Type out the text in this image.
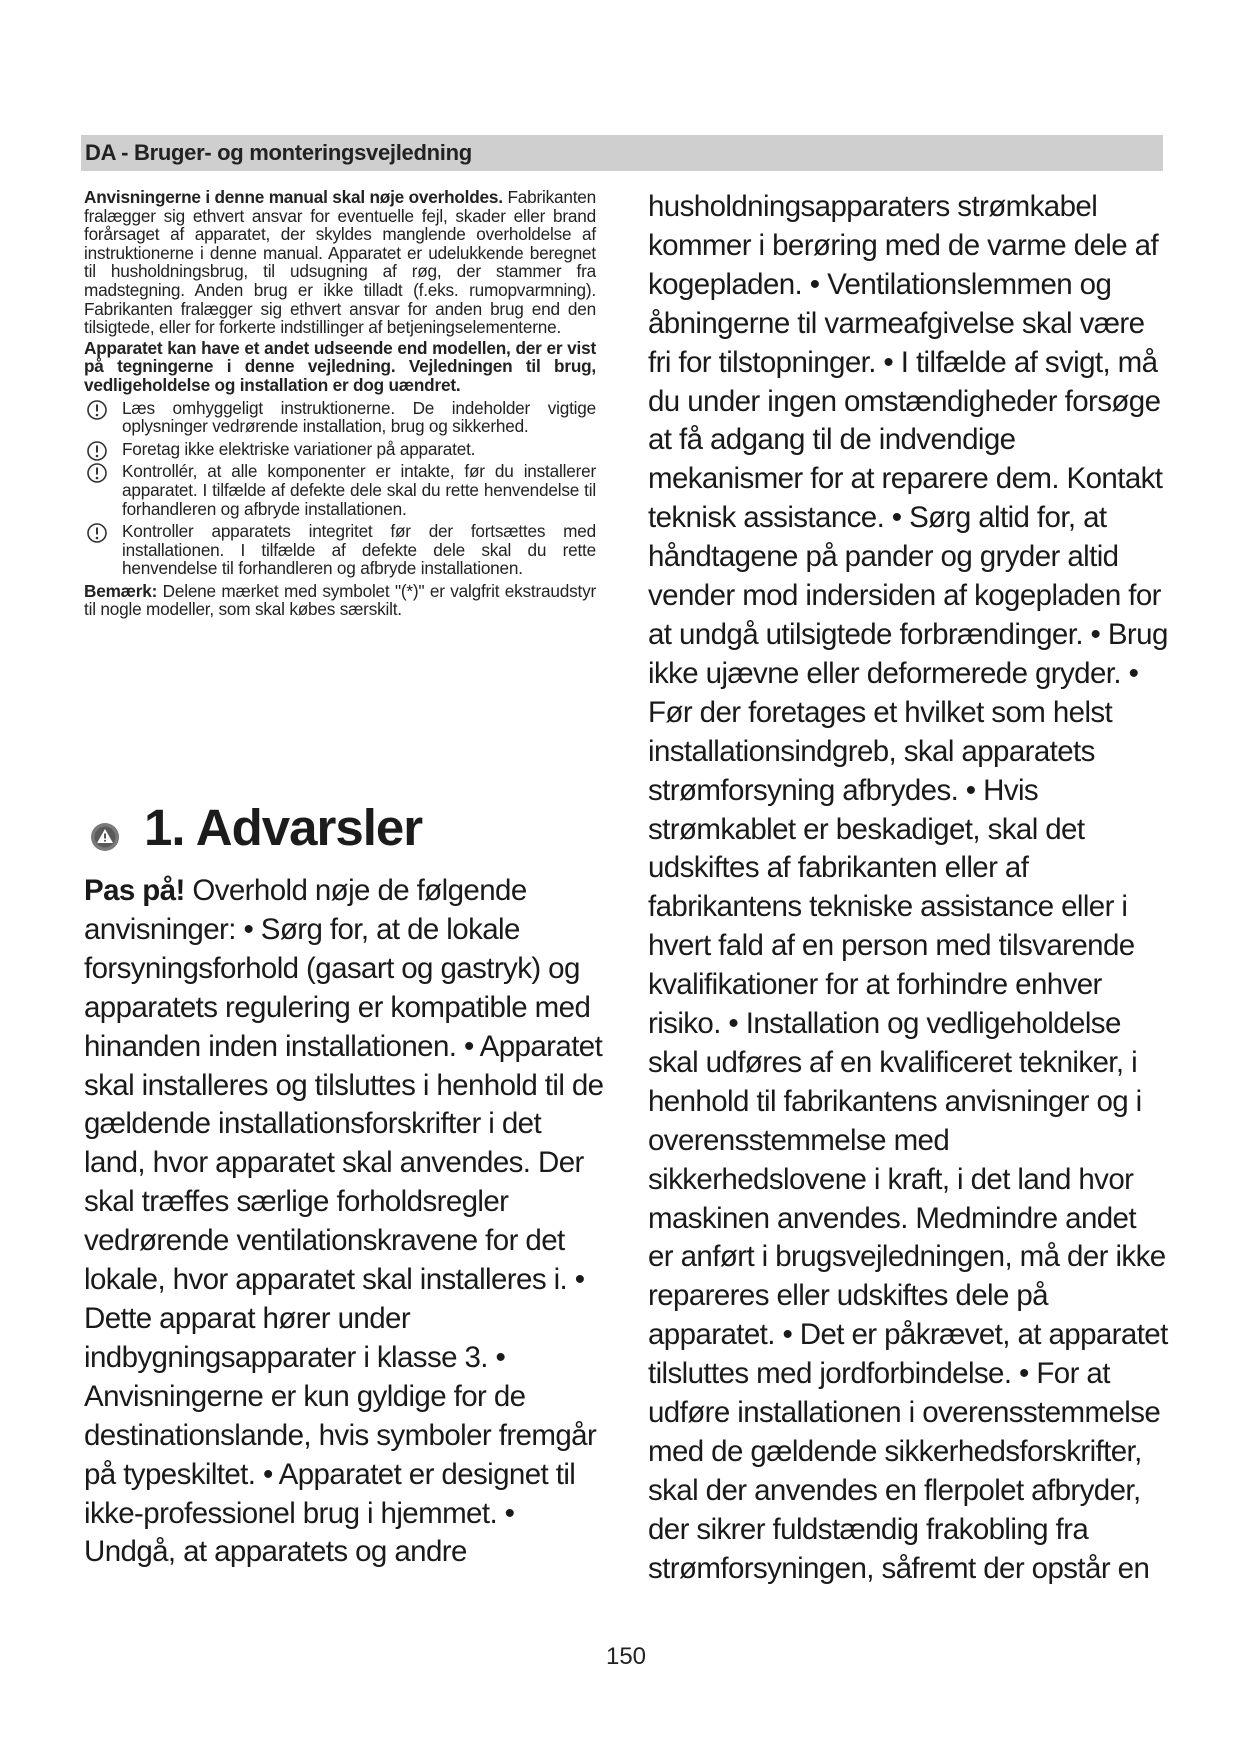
DA - Bruger- og monteringsvejledning

Anvisningerne i denne manual skal nøje overholdes. Fabrikanten fralægger sig ethvert ansvar for eventuelle fejl, skader eller brand forårsaget af apparatet, der skyldes manglende overholdelse af instruktionerne i denne manual. Apparatet er udelukkende beregnet til husholdningsbrug, til udsugning af røg, der stammer fra madstegning. Anden brug er ikke tilladt (f.eks. rumopvarmning). Fabrikanten fralægger sig ethvert ansvar for anden brug end den tilsigtede, eller for forkerte indstillinger af betjeningselementerne.

Apparatet kan have et andet udseende end modellen, der er vist på tegningerne i denne vejledning. Vejledningen til brug, vedligeholdelse og installation er dog uændret.

Læs omhyggeligt instruktionerne. De indeholder vigtige oplysninger vedrørende installation, brug og sikkerhed.
Foretag ikke elektriske variationer på apparatet.
Kontrollér, at alle komponenter er intakte, før du installerer apparatet. I tilfælde af defekte dele skal du rette henvendelse til forhandleren og afbryde installationen.
Kontroller apparatets integritet før der fortsættes med installationen. I tilfælde af defekte dele skal du rette henvendelse til forhandleren og afbryde installationen.

Bemærk: Delene mærket med symbolet "(*)" er valgfrit ekstraudstyr til nogle modeller, som skal købes særskilt.

1. Advarsler

Pas på! Overhold nøje de følgende anvisninger: • Sørg for, at de lokale forsyningsforhold (gasart og gastryk) og apparatets regulering er kompatible med hinanden inden installationen. • Apparatet skal installeres og tilsluttes i henhold til de gældende installationsforskrifter i det land, hvor apparatet skal anvendes. Der skal træffes særlige forholdsregler vedrørende ventilationskravene for det lokale, hvor apparatet skal installeres i. • Dette apparat hører under indbygningsapparater i klasse 3. • Anvisningerne er kun gyldige for de destinationslande, hvis symboler fremgår på typeskiltet. • Apparatet er designet til ikke-professionel brug i hjemmet. • Undgå, at apparatets og andre

husholdningsapparaters strømkabel kommer i berøring med de varme dele af kogepladen. • Ventilationslemmen og åbningerne til varmeafgivelse skal være fri for tilstopninger. • I tilfælde af svigt, må du under ingen omstændigheder forsøge at få adgang til de indvendige mekanismer for at reparere dem. Kontakt teknisk assistance. • Sørg altid for, at håndtagene på pander og gryder altid vender mod indersiden af kogepladen for at undgå utilsigtede forbrændinger. • Brug ikke ujævne eller deformerede gryder. • Før der foretages et hvilket som helst installationsindgreb, skal apparatets strømforsyning afbrydes. • Hvis strømkablet er beskadiget, skal det udskiftes af fabrikanten eller af fabrikantens tekniske assistance eller i hvert fald af en person med tilsvarende kvalifikationer for at forhindre enhver risiko. • Installation og vedligeholdelse skal udføres af en kvalificeret tekniker, i henhold til fabrikantens anvisninger og i overensstemmelse med sikkerhedslovene i kraft, i det land hvor maskinen anvendes. Medmindre andet er anført i brugsvejledningen, må der ikke repareres eller udskiftes dele på apparatet. • Det er påkrævet, at apparatet tilsluttes med jordforbindelse. • For at udføre installationen i overensstemmelse med de gældende sikkerhedsforskrifter, skal der anvendes en flerpolet afbryder, der sikrer fuldstændig frakobling fra strømforsyningen, såfremt der opstår en

150
